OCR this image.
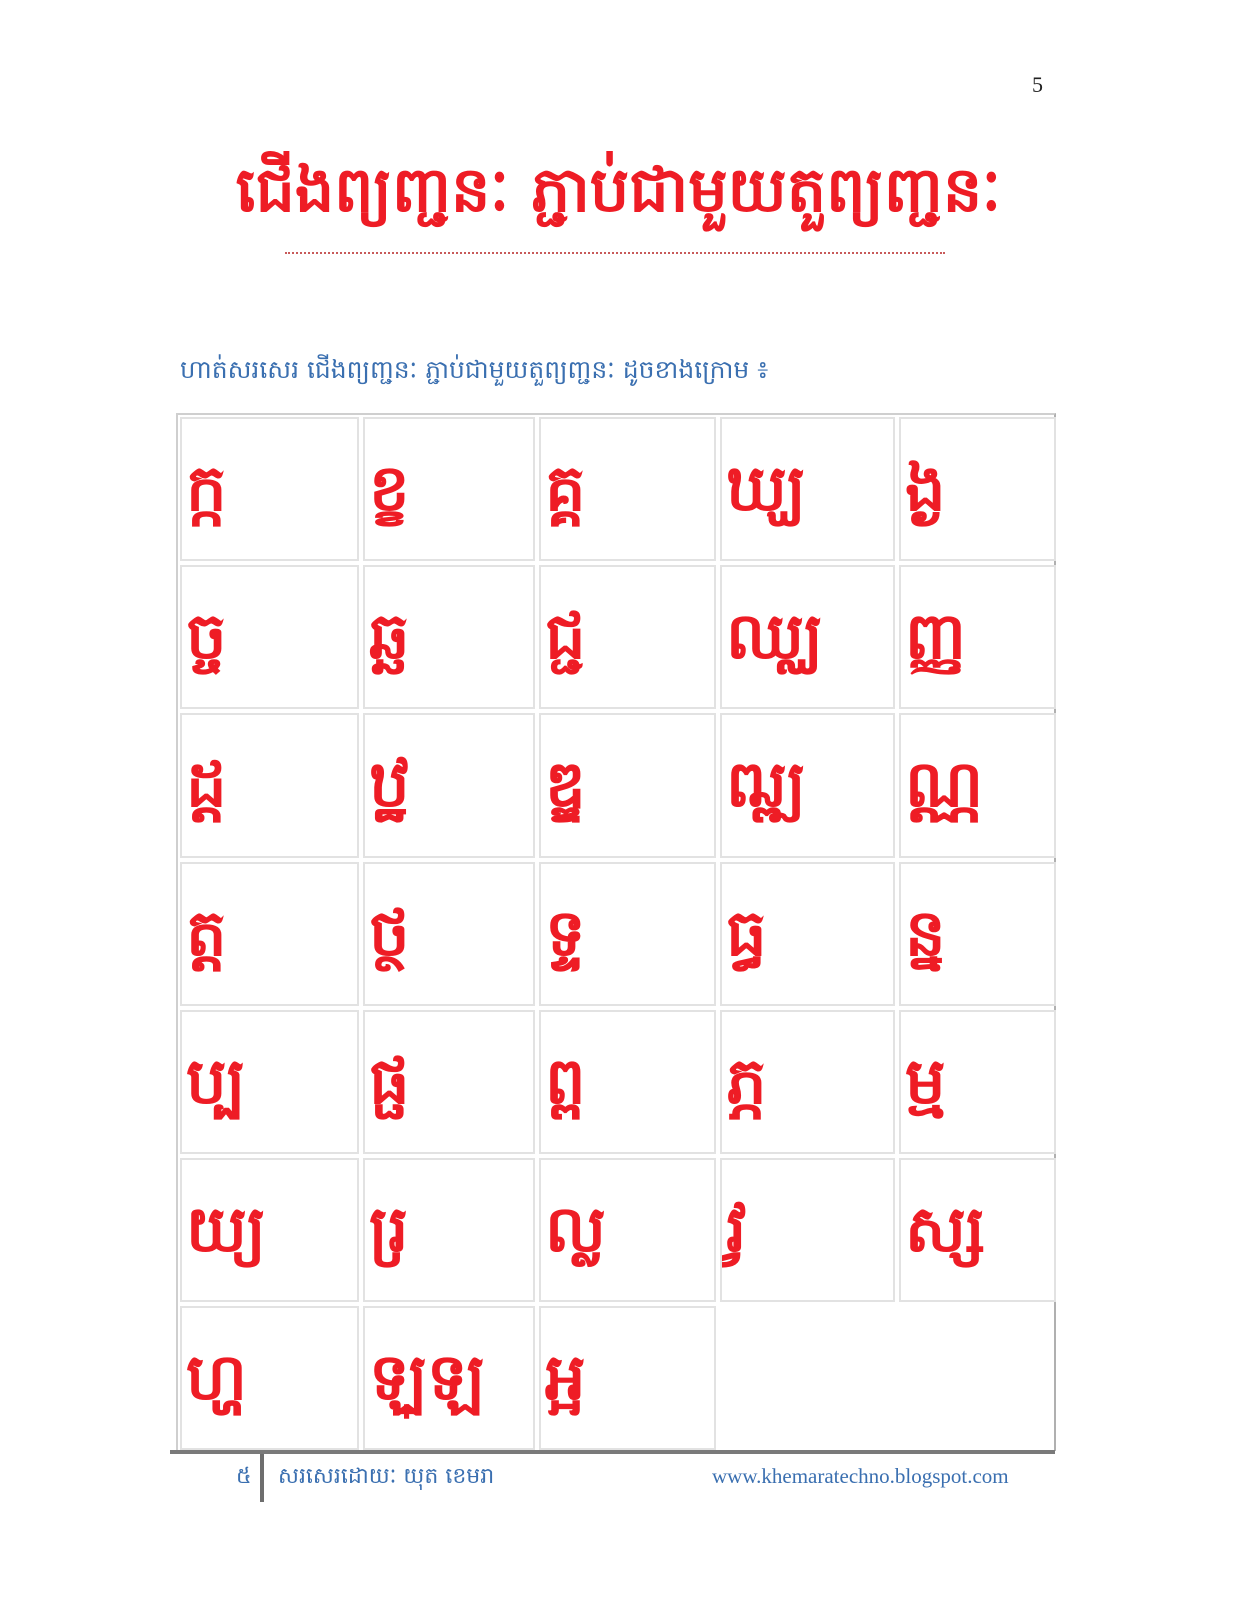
5
ជើងព្យញ្ជនៈ ភ្ជាប់ជាមួយតួព្យញ្ជនៈ
ហាត់សរសេរ ជើងព្យញ្ជនៈ ភ្ជាប់ជាមួយតួព្យញ្ជនៈ ដូចខាងក្រោម ៖
ក្ក ខ្ខ គ្គ ឃ្ឃ ង្ង
ច្ច ឆ្ឆ ជ្ជ ឈ្ឈ ញ្ញ
ដ្ដ ឋ្ឋ ឌ្ឌ ឍ្ឍ ណ្ណ
ត្ត ថ្ថ ទ្ទ ធ្ធ ន្ន
ប្ប ផ្ផ ព្ព ភ្ភ ម្ម
យ្យ រ្រ ល្ល វ្វ ស្ស
ហ្ហ ឡ្ឡ អ្អ
៥ សរសេរដោយៈ យុត ខេមរា	www.khemaratechno.blogspot.com
